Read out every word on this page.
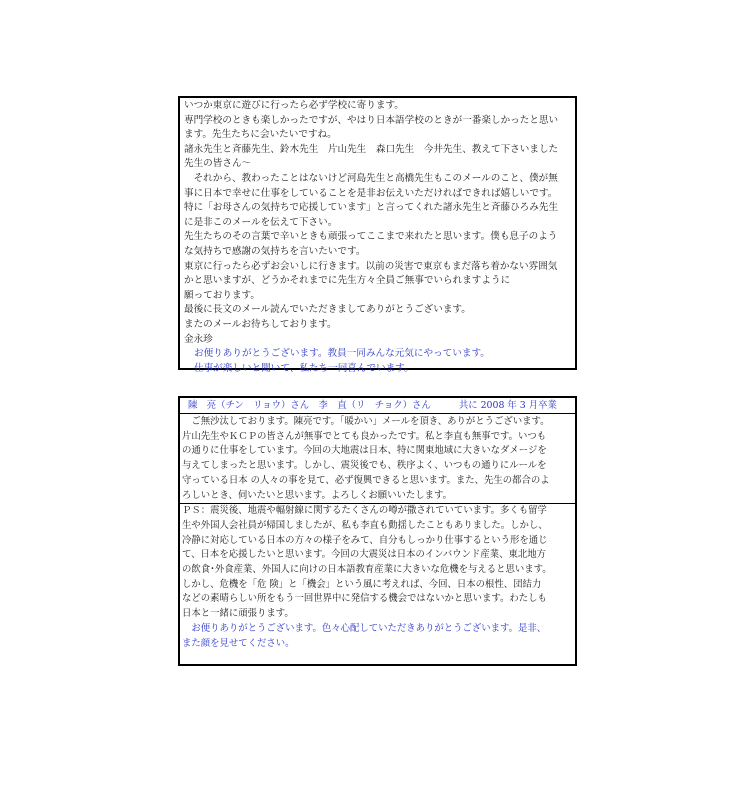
いつか東京に遊びに行ったら必ず学校に寄ります。
専門学校のときも楽しかったですが、やはり日本語学校のときが一番楽しかったと思い
ます。先生たちに会いたいですね。
諸永先生と斉藤先生、鈴木先生　片山先生　森口先生　今井先生、教えて下さいました
先生の皆さん～
　それから、教わったことはないけど河島先生と高橋先生もこのメールのこと、僕が無
事に日本で幸せに仕事をしていることを是非お伝えいただければできれば嬉しいです。
特に「お母さんの気持ちで応援しています」と言ってくれた諸永先生と斉藤ひろみ先生
に是非このメールを伝えて下さい。
先生たちのその言葉で辛いときも頑張ってここまで来れたと思います。僕も息子のよう
な気持ちで感謝の気持ちを言いたいです。
東京に行ったら必ずお会いしに行きます。以前の災害で東京もまだ落ち着かない雰囲気
かと思いますが、どうかそれまでに先生方々全員ご無事でいられますように
願っております。
最後に長文のメール読んでいただきましてありがとうございます。
またのメールお待ちしております。
金永珍
お便りありがとうございます。教員一同みんな元気にやっています。
仕事が楽しいと聞いて、私たち一同喜んでいます。
陳　亮（チン　リョウ）さん　李　直（リ　チョク）さん　　　共に 2008 年 3 月卒業
　ご無沙汰しております。陳亮です。「暖かい」メールを頂き、ありがとうございます。
片山先生やＫＣＰの皆さんが無事でとても良かったです。私と李直も無事です。いつも
の通りに仕事をしています。今回の大地震は日本、特に関東地域に大きいなダメージを
与えてしまったと思います。しかし、震災後でも、秩序よく、いつもの通りにルールを
守っている日本 の人々の事を見て、必ず復興できると思います。また、先生の都合のよ
ろしいとき、伺いたいと思います。よろしくお願いいたします。
ＰＳ：震災後、地震や輻射線に関するたくさんの噂が撒されていています。多くも留学
生や外国人会社員が帰国しましたが、私も李直も動揺したこともありました。しかし、
冷静に対応している日本の方々の様子をみて、自分もしっかり仕事するという形を通じ
て、日本を応援したいと思います。今回の大震災は日本のインバウンド産業、東北地方
の飲食･外食産業、外国人に向けの日本語教育産業に大きいな危機を与えると思います。
しかし、危機を「危 険」と「機会」という風に考えれば、今回、日本の根性、団結力
などの素晴らしい所をもう一回世界中に発信する機会ではないかと思います。わたしも
日本と一緒に頑張ります。
　お便りありがとうございます。色々心配していただきありがとうございます。是非、
また顔を見せてください。
